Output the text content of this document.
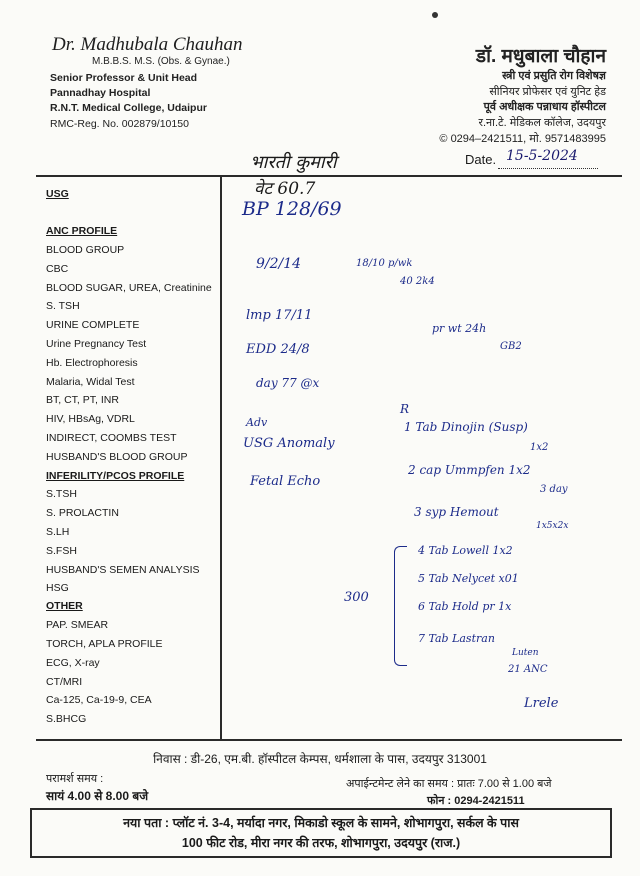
Dr. Madhubala Chauhan
M.B.B.S. M.S. (Obs. & Gynae.)
Senior Professor & Unit Head
Pannadhay Hospital
R.N.T. Medical College, Udaipur
RMC-Reg. No. 002879/10150
डॉ. मधुबाला चौहान
स्त्री एवं प्रसुति रोग विशेषज्ञ
सीनियर प्रोफेसर एवं युनिट हेड
पूर्व अधीक्षक पन्नाधाय हॉस्पीटल
र.ना.टे. मेडिकल कॉलेज, उदयपुर
© 0294–2421511, मो. 9571483995
भारती कुमारी	Date. 15-5-2024
USG
ANC PROFILE
BLOOD GROUP
CBC
BLOOD SUGAR, UREA, Creatinine
S. TSH
URINE COMPLETE
Urine Pregnancy Test
Hb. Electrophoresis
Malaria, Widal Test
BT, CT, PT, INR
HIV, HBsAg, VDRL
INDIRECT, COOMBS TEST
HUSBAND'S BLOOD GROUP
INFERILITY/PCOS PROFILE
S.TSH
S. PROLACTIN
S.LH
S.FSH
HUSBAND'S SEMEN ANALYSIS
HSG
OTHER
PAP. SMEAR
TORCH, APLA PROFILE
ECG, X-ray
CT/MRI
Ca-125, Ca-19-9, CEA
S.BHCG
वेट 60.7
BP 128/69
9/2/14	18/10 p/wk
40 2k4
lmp 17/11
pr wt 24h
GB2
EDD 24/8
day 77 @x
Adv
USG Anomaly
Fetal Echo
R
1 Tab Dinojin (Susp)
1x2
2 cap Ummpfen 1x2
3 day
3 syp Hemout
1x5x2x
300
4 Tab Lowell 1x2
5 Tab Nelycet x01
6 Tab Hold pr 1x
7 Tab Lastran
Luten
21 ANC
Lrele
निवास : डी-26, एम.बी. हॉस्पीटल केम्पस, धर्मशाला के पास, उदयपुर 313001
परामर्श समय :
सायं 4.00 से 8.00 बजे
अपाईन्टमेन्ट लेने का समय : प्रातः 7.00 से 1.00 बजे
फोन : 0294-2421511
नया पता : प्लॉट नं. 3-4, मर्यादा नगर, मिकाडो स्कूल के सामने, शोभागपुरा, सर्कल के पास
100 फीट रोड, मीरा नगर की तरफ, शोभागपुरा, उदयपुर (राज.)
